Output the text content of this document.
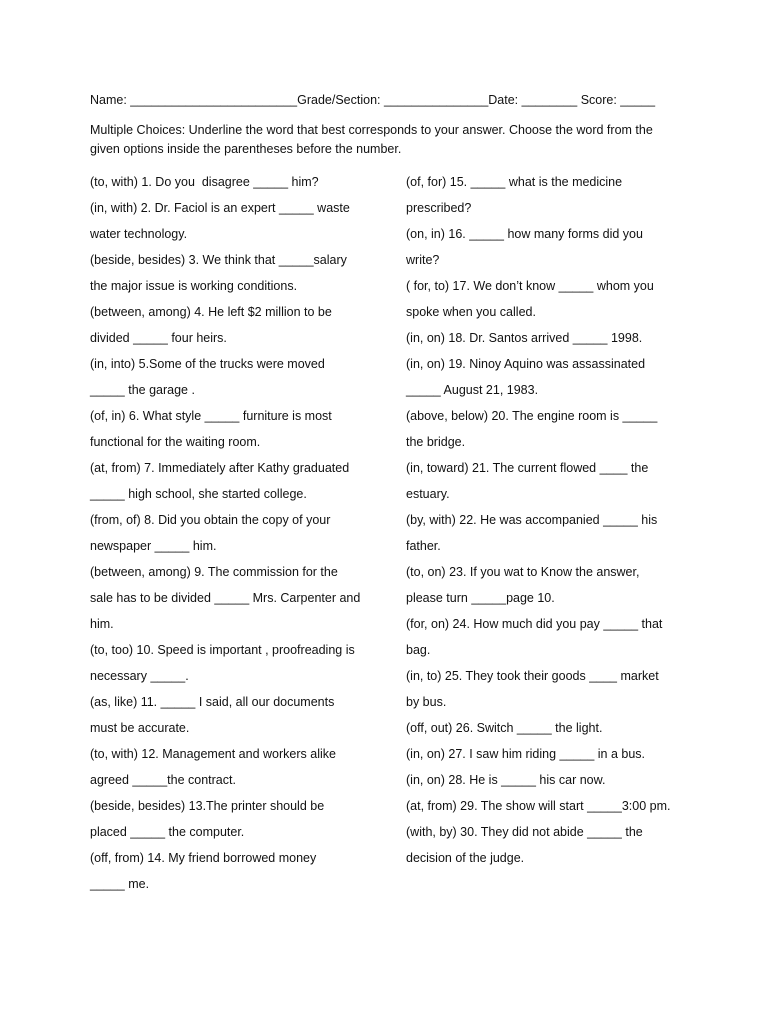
Name: ________________________Grade/Section: _______________Date: ________ Score: _____
Multiple Choices: Underline the word that best corresponds to your answer. Choose the word from the given options inside the parentheses before the number.
(to, with) 1. Do you  disagree _____ him?
(in, with) 2. Dr. Faciol is an expert _____ waste
water technology.
(beside, besides) 3. We think that _____salary
the major issue is working conditions.
(between, among) 4. He left $2 million to be
divided _____ four heirs.
(in, into) 5.Some of the trucks were moved
_____ the garage .
(of, in) 6. What style _____ furniture is most
functional for the waiting room.
(at, from) 7. Immediately after Kathy graduated
_____ high school, she started college.
(from, of) 8. Did you obtain the copy of your
newspaper _____ him.
(between, among) 9. The commission for the
sale has to be divided _____ Mrs. Carpenter and
him.
(to, too) 10. Speed is important , proofreading is
necessary _____.
(as, like) 11. _____ I said, all our documents
must be accurate.
(to, with) 12. Management and workers alike
agreed _____the contract.
(beside, besides) 13.The printer should be
placed _____ the computer.
(off, from) 14. My friend borrowed money
_____ me.
(of, for) 15. _____ what is the medicine
prescribed?
(on, in) 16. _____ how many forms did you
write?
( for, to) 17. We don’t know _____ whom you
spoke when you called.
(in, on) 18. Dr. Santos arrived _____ 1998.
(in, on) 19. Ninoy Aquino was assassinated
_____ August 21, 1983.
(above, below) 20. The engine room is _____
the bridge.
(in, toward) 21. The current flowed ____ the
estuary.
(by, with) 22. He was accompanied _____ his
father.
(to, on) 23. If you wat to Know the answer,
please turn _____page 10.
(for, on) 24. How much did you pay _____ that
bag.
(in, to) 25. They took their goods ____ market
by bus.
(off, out) 26. Switch _____ the light.
(in, on) 27. I saw him riding _____ in a bus.
(in, on) 28. He is _____ his car now.
(at, from) 29. The show will start _____3:00 pm.
(with, by) 30. They did not abide _____ the
decision of the judge.
